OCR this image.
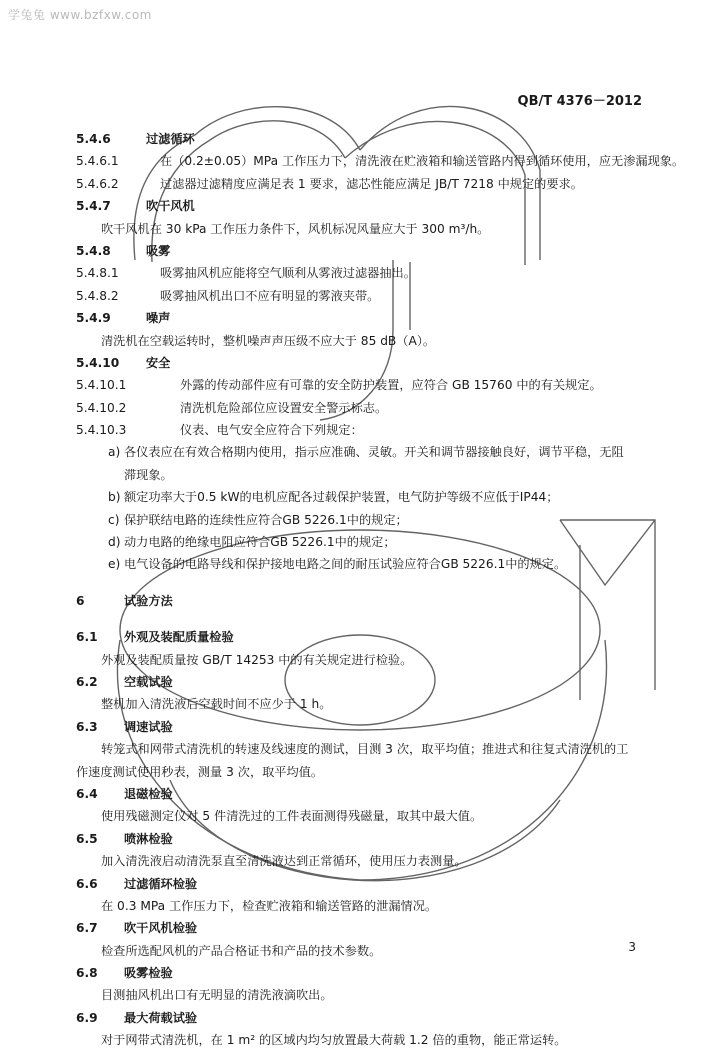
学兔兔 www.bzfxw.com
QB/T 4376－2012
5.4.6	过滤循环
5.4.6.1	在（0.2±0.05）MPa 工作压力下，清洗液在贮液箱和输送管路内得到循环使用，应无渗漏现象。
5.4.6.2	过滤器过滤精度应满足表 1 要求，滤芯性能应满足 JB/T 7218 中规定的要求。
5.4.7	吹干风机
吹干风机在 30 kPa 工作压力条件下，风机标况风量应大于 300 m³/h。
5.4.8	吸雾
5.4.8.1	吸雾抽风机应能将空气顺利从雾液过滤器抽出。
5.4.8.2	吸雾抽风机出口不应有明显的雾液夹带。
5.4.9	噪声
清洗机在空载运转时，整机噪声声压级不应大于 85 dB（A）。
5.4.10 安全
5.4.10.1	外露的传动部件应有可靠的安全防护装置，应符合 GB 15760 中的有关规定。
5.4.10.2	清洗机危险部位应设置安全警示标志。
5.4.10.3	仪表、电气安全应符合下列规定：
a) 各仪表应在有效合格期内使用，指示应准确、灵敏。开关和调节器接触良好，调节平稳，无阻
滞现象。
b) 额定功率大于0.5 kW的电机应配各过载保护装置，电气防护等级不应低于IP44；
c) 保护联结电路的连续性应符合GB 5226.1中的规定；
d) 动力电路的绝缘电阻应符合GB 5226.1中的规定；
e) 电气设备的电路导线和保护接地电路之间的耐压试验应符合GB 5226.1中的规定。
6	试验方法
6.1 外观及装配质量检验
外观及装配质量按 GB/T 14253 中的有关规定进行检验。
6.2 空载试验
整机加入清洗液后空载时间不应少于 1 h。
6.3 调速试验
转笼式和网带式清洗机的转速及线速度的测试，目测 3 次，取平均值；推进式和往复式清洗机的工
作速度测试使用秒表，测量 3 次，取平均值。
6.4 退磁检验
使用残磁测定仪对 5 件清洗过的工件表面测得残磁量，取其中最大值。
6.5 喷淋检验
加入清洗液启动清洗泵直至清洗液达到正常循环，使用压力表测量。
6.6 过滤循环检验
在 0.3 MPa 工作压力下，检查贮液箱和输送管路的泄漏情况。
6.7 吹干风机检验
检查所选配风机的产品合格证书和产品的技术参数。
6.8 吸雾检验
目测抽风机出口有无明显的清洗液滴吹出。
6.9 最大荷载试验
对于网带式清洗机，在 1 m² 的区域内均匀放置最大荷载 1.2 倍的重物，能正常运转。
3
